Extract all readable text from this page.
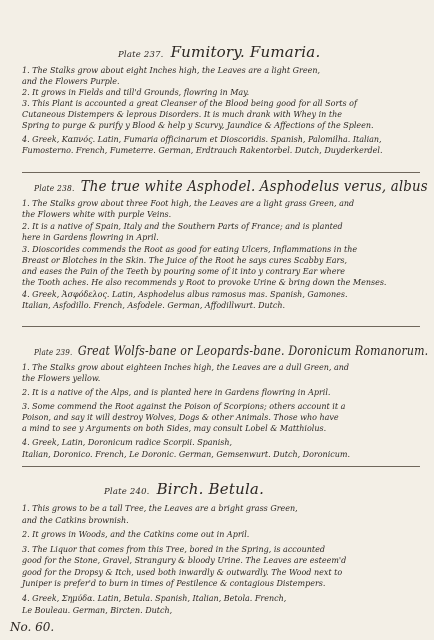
Plate 237. Fumitory. Fumaria.
1. The Stalks grow about eight Inches high, the Leaves are a light Green,
and the Flowers Purple.
2. It grows in Fields and till'd Grounds, flowring in May.
3. This Plant is accounted a great Cleanser of the Blood being good for all Sorts of
Cutaneous Distempers & leprous Disorders. It is much drank with Whey in the
Spring to purge & purify y Blood & help y Scurvy, Jaundice & Affections of the Spleen.
4. Greek, Καπνός. Latin, Fumaria officinarum et Dioscoridis. Spanish, Palomilha. Italian,
Fumosterno. French, Fumeterre. German, Erdtrauch Rakentorbel. Dutch, Duyderkerdel.
Plate 238. The true white Asphodel. Asphodelus verus, albus
1. The Stalks grow about three Foot high, the Leaves are a light grass Green, and
the Flowers white with purple Veins.
2. It is a native of Spain, Italy and the Southern Parts of France; and is planted
here in Gardens flowring in April.
3. Dioscorides commends the Root as good for eating Ulcers, Inflammations in the
Breast or Blotches in the Skin. The Juice of the Root he says cures Scabby Ears,
and eases the Pain of the Teeth by pouring some of it into y contrary Ear where
the Tooth aches. He also recommends y Root to provoke Urine & bring down the Menses.
4. Greek, Ἀσφόδελος. Latin, Asphodelus albus ramosus mas. Spanish, Gamones.
Italian, Asfodillo. French, Asfodele. German, Affodillwurt. Dutch.
Plate 239. Great Wolfs-bane or Leopards-bane. Doronicum Romanorum.
1. The Stalks grow about eighteen Inches high, the Leaves are a dull Green, and
the Flowers yellow.
2. It is a native of the Alps, and is planted here in Gardens flowring in April.
3. Some commend the Root against the Poison of Scorpions; others account it a
Poison, and say it will destroy Wolves, Dogs & other Animals. Those who have
a mind to see y Arguments on both Sides, may consult Lobel & Matthiolus.
4. Greek, Latin, Doronicum radice Scorpii. Spanish,
Italian, Doronico. French, Le Doronic. German, Gemsenwurt. Dutch, Doronicum.
Plate 240. Birch. Betula.
1. This grows to be a tall Tree, the Leaves are a bright grass Green,
and the Catkins brownish.
2. It grows in Woods, and the Catkins come out in April.
3. The Liquor that comes from this Tree, bored in the Spring, is accounted
good for the Stone, Gravel, Strangury & bloody Urine. The Leaves are esteem'd
good for the Dropsy & Itch, used both inwardly & outwardly. The Wood next to
Juniper is prefer'd to burn in times of Pestilence & contagious Distempers.
4. Greek, Σημύδα. Latin, Betula. Spanish, Italian, Betola. French,
Le Bouleau. German, Bircten. Dutch,
No. 60.
